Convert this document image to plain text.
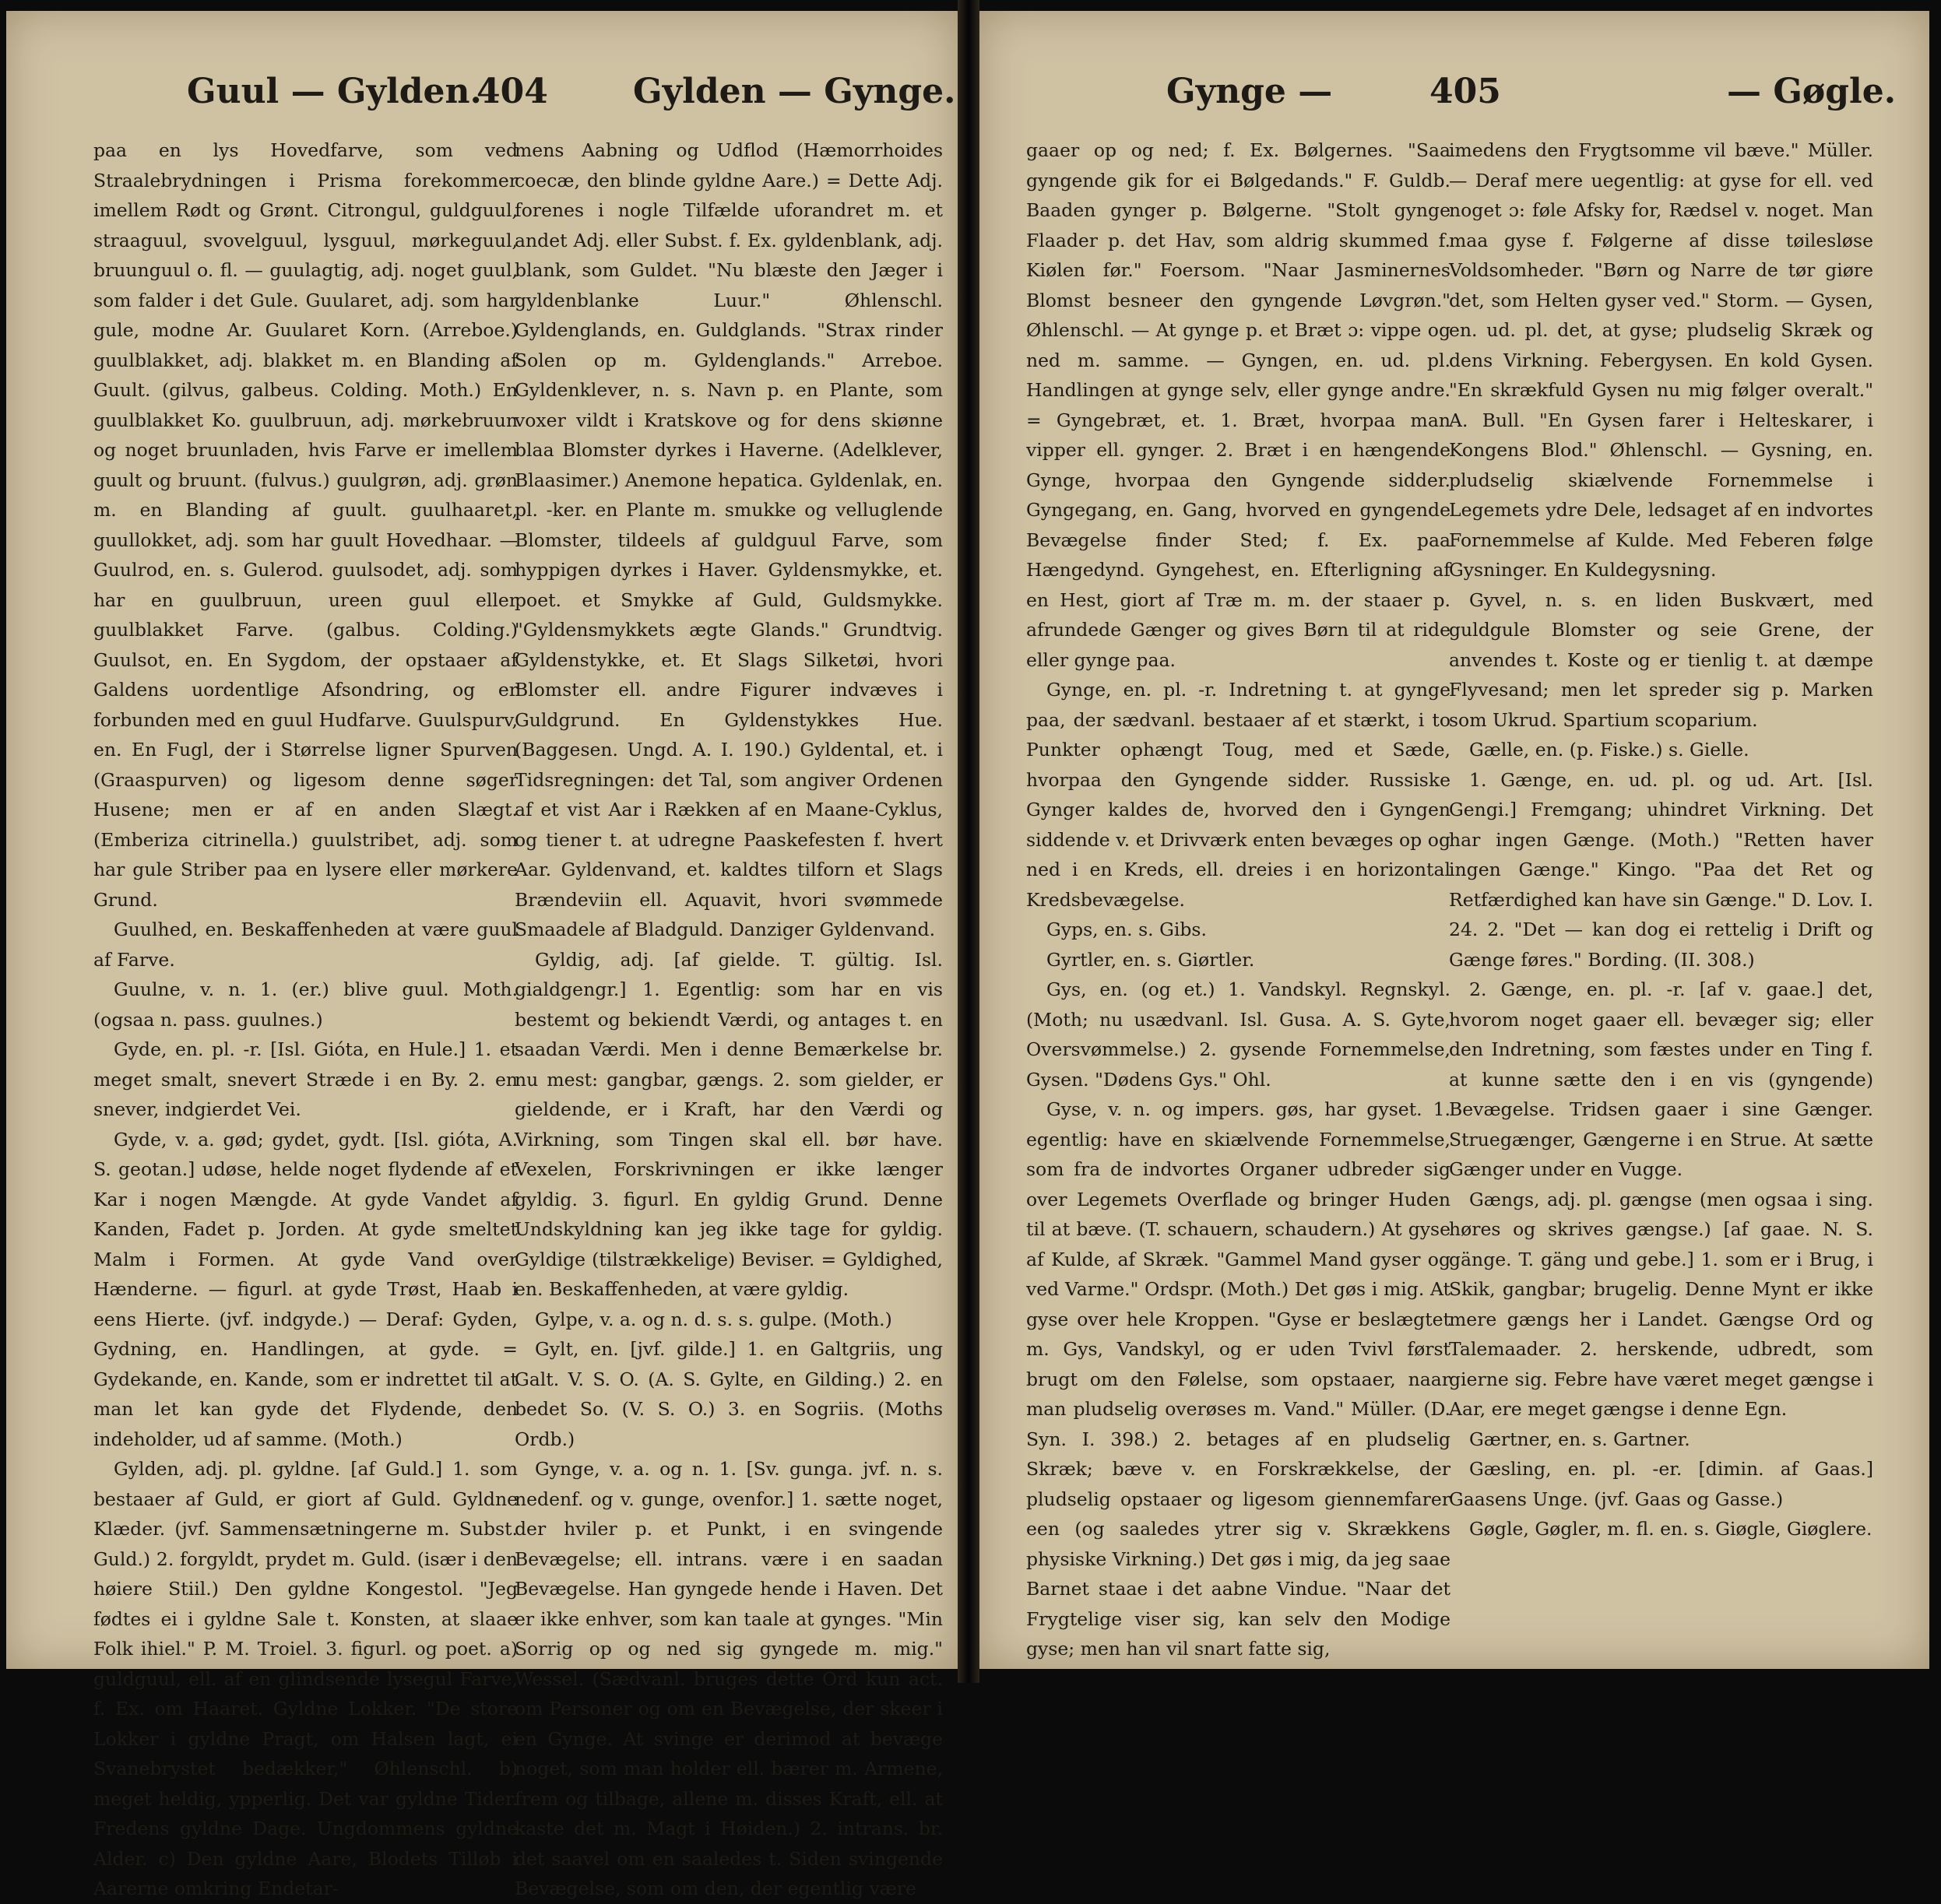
Guul — Gylden.
404 Gylden — Gynge.

paa en lys Hovedfarve, som ved Straalebrydningen i Prisma forekommer imellem Rødt og Grønt. Citrongul, guldguul, straaguul, svovelguul, lysguul, mørkeguul, bruunguul o. fl. — guulagtig, adj. noget guul, som falder i det Gule. Guularet, adj. som har gule, modne Ar. Guularet Korn. (Arreboe.) guulblakket, adj. blakket m. en Blanding af Guult. (gilvus, galbeus. Colding. Moth.) En guulblakket Ko. guulbruun, adj. mørkebruun og noget bruunladen, hvis Farve er imellem guult og bruunt. (fulvus.) guulgrøn, adj. grøn m. en Blanding af guult. guulhaaret, guullokket, adj. som har guult Hovedhaar. — Guulrod, en. s. Gulerod. guulsodet, adj. som har en guulbruun, ureen guul eller guulblakket Farve. (galbus. Colding.) Guulsot, en. En Sygdom, der opstaaer af Galdens uordentlige Afsondring, og er forbunden med en guul Hudfarve. Guulspurv, en. En Fugl, der i Størrelse ligner Spurven (Graaspurven) og ligesom denne søger Husene; men er af en anden Slægt. (Emberiza citrinella.) guulstribet, adj. som har gule Striber paa en lysere eller mørkere Grund.

Guulhed, en. Beskaffenheden at være guul af Farve.

Guulne, v. n. 1. (er.) blive guul. Moth. (ogsaa n. pass. guulnes.)

Gyde, en. pl. -r. [Isl. Gióta, en Hule.] 1. et meget smalt, snevert Stræde i en By. 2. en snever, indgierdet Vei.

Gyde, v. a. gød; gydet, gydt. [Isl. gióta, A. S. geotan.] udøse, helde noget flydende af et Kar i nogen Mængde. At gyde Vandet af Kanden, Fadet p. Jorden. At gyde smeltet Malm i Formen. At gyde Vand over Hænderne. — figurl. at gyde Trøst, Haab i eens Hierte. (jvf. indgyde.) — Deraf: Gyden, Gydning, en. Handlingen, at gyde. = Gydekande, en. Kande, som er indrettet til at man let kan gyde det Flydende, den indeholder, ud af samme. (Moth.)

Gylden, adj. pl. gyldne. [af Guld.] 1. som bestaaer af Guld, er giort af Guld. Gyldne Klæder. (jvf. Sammensætningerne m. Subst. Guld.) 2. forgyldt, prydet m. Guld. (især i den høiere Stiil.) Den gyldne Kongestol. "Jeg fødtes ei i gyldne Sale t. Konsten, at slaae Folk ihiel." P. M. Troiel. 3. figurl. og poet. a) guldguul, ell. af en glindsende lysegul Farve, f. Ex. om Haaret. Gyldne Lokker. "De store Lokker i gyldne Pragt, om Halsen lagt, ei Svanebrystet bedækker," Øhlenschl. b) meget heldig, ypperlig. Det var gyldne Tider. Fredens gyldne Dage. Ungdommens gyldne Alder. c) Den gyldne Aare, Blodets Tilløb i Aarerne omkring Endetar-

mens Aabning og Udflod (Hæmorrhoides coecæ, den blinde gyldne Aare.) = Dette Adj. forenes i nogle Tilfælde uforandret m. et andet Adj. eller Subst. f. Ex. gyldenblank, adj. blank, som Guldet. "Nu blæste den Jæger i gyldenblanke Luur." Øhlenschl. Gyldenglands, en. Guldglands. "Strax rinder Solen op m. Gyldenglands." Arreboe. Gyldenklever, n. s. Navn p. en Plante, som voxer vildt i Kratskove og for dens skiønne blaa Blomster dyrkes i Haverne. (Adelklever, Blaasimer.) Anemone hepatica. Gyldenlak, en. pl. -ker. en Plante m. smukke og velluglende Blomster, tildeels af guldguul Farve, som hyppigen dyrkes i Haver. Gyldensmykke, et. poet. et Smykke af Guld, Guldsmykke. "Gyldensmykkets ægte Glands." Grundtvig. Gyldenstykke, et. Et Slags Silketøi, hvori Blomster ell. andre Figurer indvæves i Guldgrund. En Gyldenstykkes Hue. (Baggesen. Ungd. A. I. 190.) Gyldental, et. i Tidsregningen: det Tal, som angiver Ordenen af et vist Aar i Rækken af en Maane-Cyklus, og tiener t. at udregne Paaskefesten f. hvert Aar. Gyldenvand, et. kaldtes tilforn et Slags Brændeviin ell. Aquavit, hvori svømmede Smaadele af Bladguld. Danziger Gyldenvand.

Gyldig, adj. [af gielde. T. gültig. Isl. gialdgengr.] 1. Egentlig: som har en vis bestemt og bekiendt Værdi, og antages t. en saadan Værdi. Men i denne Bemærkelse br. nu mest: gangbar, gængs. 2. som gielder, er gieldende, er i Kraft, har den Værdi og Virkning, som Tingen skal ell. bør have. Vexelen, Forskrivningen er ikke længer gyldig. 3. figurl. En gyldig Grund. Denne Undskyldning kan jeg ikke tage for gyldig. Gyldige (tilstrækkelige) Beviser. = Gyldighed, en. Beskaffenheden, at være gyldig.

Gylpe, v. a. og n. d. s. s. gulpe. (Moth.)

Gylt, en. [jvf. gilde.] 1. en Galtgriis, ung Galt. V. S. O. (A. S. Gylte, en Gilding.) 2. en bedet So. (V. S. O.) 3. en Sogriis. (Moths Ordb.)

Gynge, v. a. og n. 1. [Sv. gunga. jvf. n. s. nedenf. og v. gunge, ovenfor.] 1. sætte noget, der hviler p. et Punkt, i en svingende Bevægelse; ell. intrans. være i en saadan Bevægelse. Han gyngede hende i Haven. Det er ikke enhver, som kan taale at gynges. "Min Sorrig op og ned sig gyngede m. mig." Wessel. (Sædvanl. bruges dette Ord kun act. om Personer og om en Bevægelse, der skeer i en Gynge. At svinge er derimod at bevæge noget, som man holder ell. bærer m. Armene, frem og tilbage, allene m. disses Kraft, ell. at kaste det m. Magt i Høiden.) 2. intrans. br. det saavel om en saaledes t. Siden svingende Bevægelse, som om den, der egentlig være

Gynge —	405	— Gøgle.

gaaer op og ned; f. Ex. Bølgernes. "Saa gyngende gik for ei Bølgedands." F. Guldb. Baaden gynger p. Bølgerne. "Stolt gynge Flaader p. det Hav, som aldrig skummed f. Kiølen før." Foersom. "Naar Jasminernes Blomst besneer den gyngende Løvgrøn." Øhlenschl. — At gynge p. et Bræt ɔ: vippe og ned m. samme. — Gyngen, en. ud. pl. Handlingen at gynge selv, eller gynge andre. = Gyngebræt, et. 1. Bræt, hvorpaa man vipper ell. gynger. 2. Bræt i en hængende Gynge, hvorpaa den Gyngende sidder. Gyngegang, en. Gang, hvorved en gyngende Bevægelse finder Sted; f. Ex. paa Hængedynd. Gyngehest, en. Efterligning af en Hest, giort af Træ m. m. der staaer p. afrundede Gænger og gives Børn til at ride eller gynge paa.

Gynge, en. pl. -r. Indretning t. at gynge paa, der sædvanl. bestaaer af et stærkt, i to Punkter ophængt Toug, med et Sæde, hvorpaa den Gyngende sidder. Russiske Gynger kaldes de, hvorved den i Gyngen siddende v. et Drivværk enten bevæges op og ned i en Kreds, ell. dreies i en horizontal Kredsbevægelse.

Gyps, en. s. Gibs.

Gyrtler, en. s. Giørtler.

Gys, en. (og et.) 1. Vandskyl. Regnskyl. (Moth; nu usædvanl. Isl. Gusa. A. S. Gyte, Oversvømmelse.) 2. gysende Fornemmelse, Gysen. "Dødens Gys." Ohl.

Gyse, v. n. og impers. gøs, har gyset. 1. egentlig: have en skiælvende Fornemmelse, som fra de indvortes Organer udbreder sig over Legemets Overflade og bringer Huden til at bæve. (T. schauern, schaudern.) At gyse af Kulde, af Skræk. "Gammel Mand gyser og ved Varme." Ordspr. (Moth.) Det gøs i mig. At gyse over hele Kroppen. "Gyse er beslægtet m. Gys, Vandskyl, og er uden Tvivl først brugt om den Følelse, som opstaaer, naar man pludselig overøses m. Vand." Müller. (D. Syn. I. 398.) 2. betages af en pludselig Skræk; bæve v. en Forskrækkelse, der pludselig opstaaer og ligesom giennemfarer een (og saaledes ytrer sig v. Skrækkens physiske Virkning.) Det gøs i mig, da jeg saae Barnet staae i det aabne Vindue. "Naar det Frygtelige viser sig, kan selv den Modige gyse; men han vil snart fatte sig,

imedens den Frygtsomme vil bæve." Müller. — Deraf mere uegentlig: at gyse for ell. ved noget ɔ: føle Afsky for, Rædsel v. noget. Man maa gyse f. Følgerne af disse tøilesløse Voldsomheder. "Børn og Narre de tør giøre det, som Helten gyser ved." Storm. — Gysen, en. ud. pl. det, at gyse; pludselig Skræk og dens Virkning. Febergysen. En kold Gysen. "En skrækfuld Gysen nu mig følger overalt." A. Bull. "En Gysen farer i Helteskarer, i Kongens Blod." Øhlenschl. — Gysning, en. pludselig skiælvende Fornemmelse i Legemets ydre Dele, ledsaget af en indvortes Fornemmelse af Kulde. Med Feberen følge Gysninger. En Kuldegysning.

Gyvel, n. s. en liden Buskvært, med guldgule Blomster og seie Grene, der anvendes t. Koste og er tienlig t. at dæmpe Flyvesand; men let spreder sig p. Marken som Ukrud. Spartium scoparium.

Gælle, en. (p. Fiske.) s. Gielle.

1. Gænge, en. ud. pl. og ud. Art. [Isl. Gengi.] Fremgang; uhindret Virkning. Det har ingen Gænge. (Moth.) "Retten haver ingen Gænge." Kingo. "Paa det Ret og Retfærdighed kan have sin Gænge." D. Lov. I. 24. 2. "Det — kan dog ei rettelig i Drift og Gænge føres." Bording. (II. 308.)

2. Gænge, en. pl. -r. [af v. gaae.] det, hvorom noget gaaer ell. bevæger sig; eller den Indretning, som fæstes under en Ting f. at kunne sætte den i en vis (gyngende) Bevægelse. Tridsen gaaer i sine Gænger. Struegænger, Gængerne i en Strue. At sætte Gænger under en Vugge.

Gængs, adj. pl. gængse (men ogsaa i sing. høres og skrives gængse.) [af gaae. N. S. gänge. T. gäng und gebe.] 1. som er i Brug, i Skik, gangbar; brugelig. Denne Mynt er ikke mere gængs her i Landet. Gængse Ord og Talemaader. 2. herskende, udbredt, som gierne sig. Febre have været meget gængse i Aar, ere meget gængse i denne Egn.

Gærtner, en. s. Gartner.

Gæsling, en. pl. -er. [dimin. af Gaas.] Gaasens Unge. (jvf. Gaas og Gasse.)

Gøgle, Gøgler, m. fl. en. s. Giøgle, Giøglere.
